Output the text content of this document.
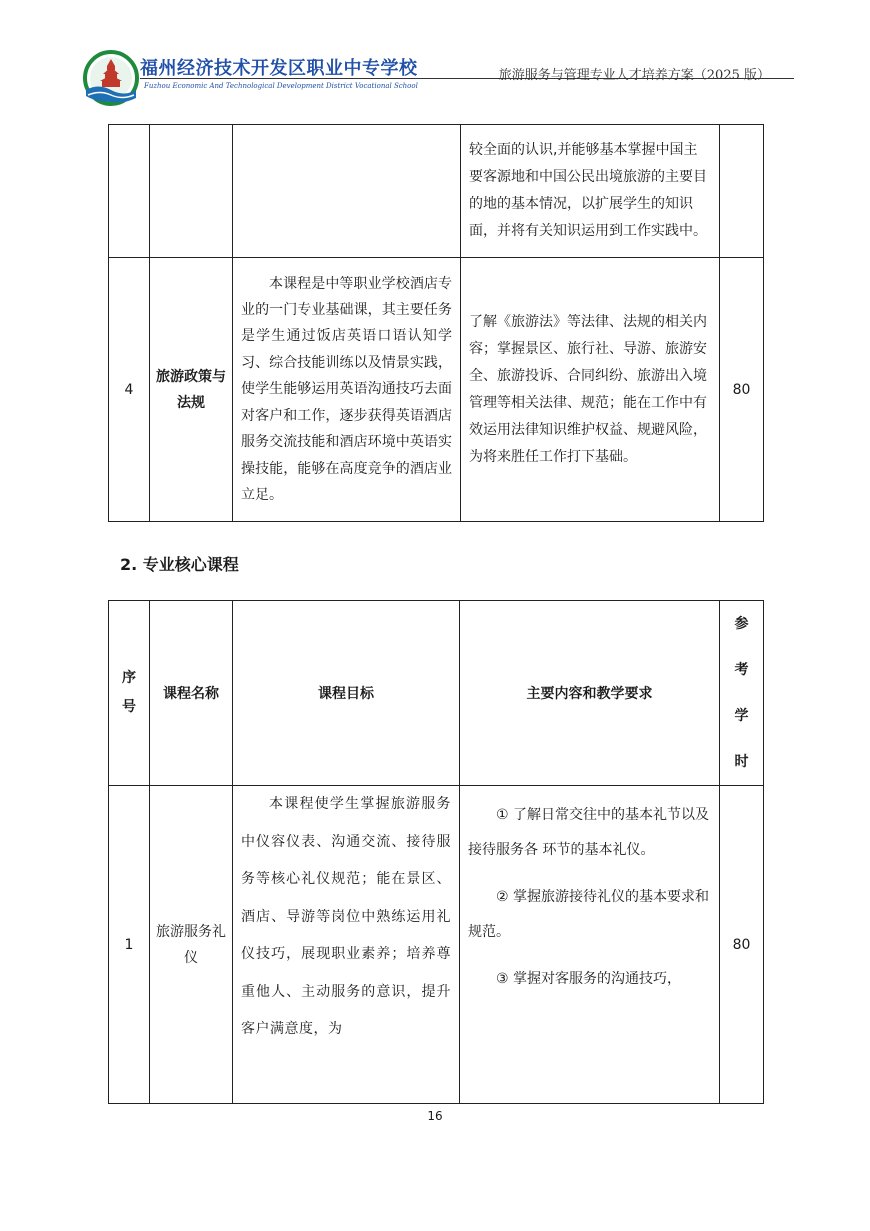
福州经济技术开发区职业中专学校
Fuzhou Economic And Technological Development District Vocational School
旅游服务与管理专业人才培养方案（2025 版）
			较全面的认识,并能够基本掌握中国主要客源地和中国公民出境旅游的主要目的地的基本情况，以扩展学生的知识面，并将有关知识运用到工作实践中。	
4	旅游政策与法规	本课程是中等职业学校酒店专业的一门专业基础课，其主要任务是学生通过饭店英语口语认知学习、综合技能训练以及情景实践，使学生能够运用英语沟通技巧去面对客户和工作，逐步获得英语酒店服务交流技能和酒店环境中英语实操技能，能够在高度竞争的酒店业立足。	了解《旅游法》等法律、法规的相关内容；掌握景区、旅行社、导游、旅游安全、旅游投诉、合同纠纷、旅游出入境管理等相关法律、规范；能在工作中有效运用法律知识维护权益、规避风险，为将来胜任工作打下基础。	80
2. 专业核心课程
序号	课程名称	课程目标	主要内容和教学要求	参考学时
1	旅游服务礼仪	本课程使学生掌握旅游服务中仪容仪表、沟通交流、接待服务等核心礼仪规范；能在景区、酒店、导游等岗位中熟练运用礼仪技巧，展现职业素养；培养尊重他人、主动服务的意识，提升客户满意度，为	① 了解日常交往中的基本礼节以及接待服务各 环节的基本礼仪。

② 掌握旅游接待礼仪的基本要求和规范。

③ 掌握对客服务的沟通技巧，	80
16
